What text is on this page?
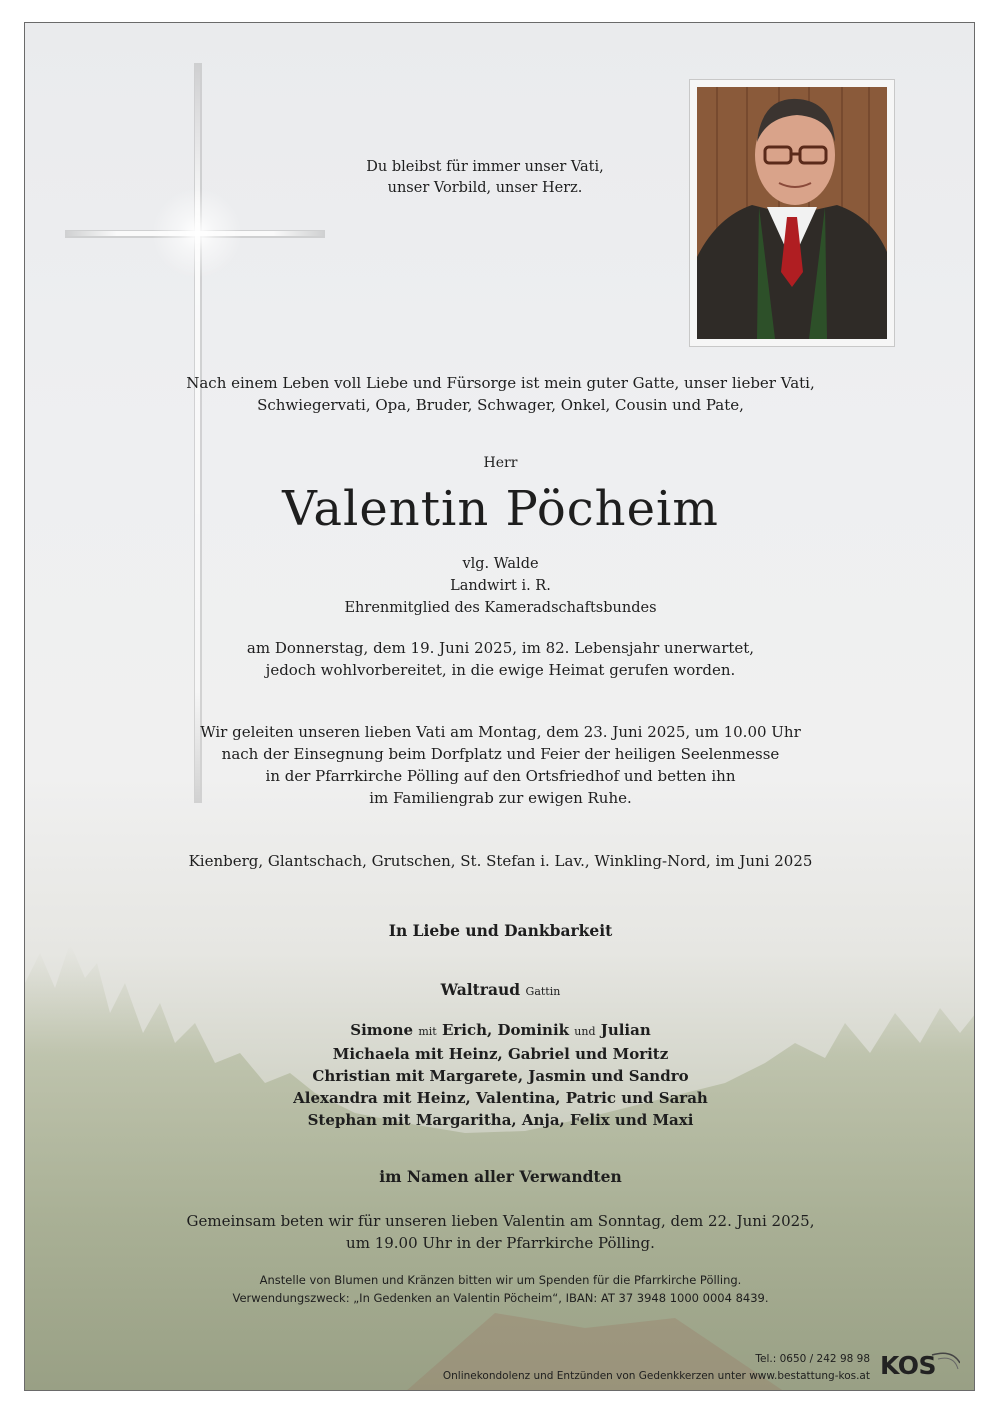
Du bleibst für immer unser Vati,

unser Vorbild, unser Herz.

Nach einem Leben voll Liebe und Fürsorge ist mein guter Gatte, unser lieber Vati,

Schwiegervati, Opa, Bruder, Schwager, Onkel, Cousin und Pate,

Herr

Valentin Pöcheim

vlg. Walde

Landwirt i. R.

Ehrenmitglied des Kameradschaftsbundes

am Donnerstag, dem 19. Juni 2025, im 82. Lebensjahr unerwartet,

jedoch wohlvorbereitet, in die ewige Heimat gerufen worden.

Wir geleiten unseren lieben Vati am Montag, dem 23. Juni 2025, um 10.00 Uhr

nach der Einsegnung beim Dorfplatz und Feier der heiligen Seelenmesse

in der Pfarrkirche Pölling auf den Ortsfriedhof und betten ihn

im Familiengrab zur ewigen Ruhe.

Kienberg, Glantschach, Grutschen, St. Stefan i. Lav., Winkling-Nord, im Juni 2025

In Liebe und Dankbarkeit

Waltraud Gattin

Simone mit Erich, Dominik und Julian

Michaela mit Heinz, Gabriel und Moritz

Christian mit Margarete, Jasmin und Sandro

Alexandra mit Heinz, Valentina, Patric und Sarah

Stephan mit Margaritha, Anja, Felix und Maxi

im Namen aller Verwandten

Gemeinsam beten wir für unseren lieben Valentin am Sonntag, dem 22. Juni 2025,

um 19.00 Uhr in der Pfarrkirche Pölling.

Anstelle von Blumen und Kränzen bitten wir um Spenden für die Pfarrkirche Pölling.

Verwendungszweck: „In Gedenken an Valentin Pöcheim“, IBAN: AT 37 3948 1000 0004 8439.

Tel.: 0650 / 242 98 98
Onlinekondolenz und Entzünden von Gedenkkerzen unter www.bestattung-kos.at KOS
